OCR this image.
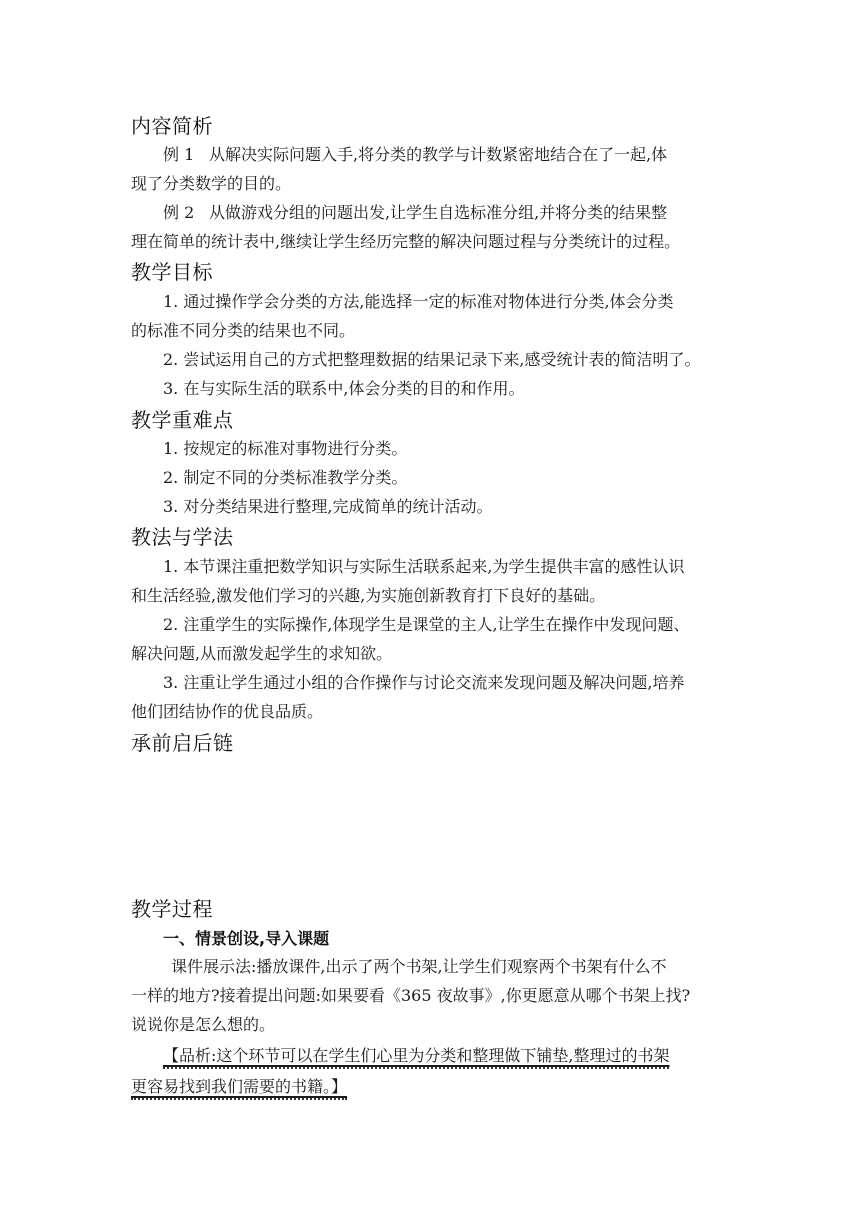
内容简析
例 1 从解决实际问题入手,将分类的教学与计数紧密地结合在了一起,体
现了分类数学的目的。
例 2 从做游戏分组的问题出发,让学生自选标准分组,并将分类的结果整
理在简单的统计表中,继续让学生经历完整的解决问题过程与分类统计的过程。
教学目标
1. 通过操作学会分类的方法,能选择一定的标准对物体进行分类,体会分类
的标准不同分类的结果也不同。
2. 尝试运用自己的方式把整理数据的结果记录下来,感受统计表的简洁明了。
3. 在与实际生活的联系中,体会分类的目的和作用。
教学重难点
1. 按规定的标准对事物进行分类。
2. 制定不同的分类标准教学分类。
3. 对分类结果进行整理,完成简单的统计活动。
教法与学法
1. 本节课注重把数学知识与实际生活联系起来,为学生提供丰富的感性认识
和生活经验,激发他们学习的兴趣,为实施创新教育打下良好的基础。
2. 注重学生的实际操作,体现学生是课堂的主人,让学生在操作中发现问题、
解决问题,从而激发起学生的求知欲。
3. 注重让学生通过小组的合作操作与讨论交流来发现问题及解决问题,培养
他们团结协作的优良品质。
承前启后链
教学过程
一、情景创设,导入课题
课件展示法:播放课件,出示了两个书架,让学生们观察两个书架有什么不
一样的地方?接着提出问题:如果要看《365 夜故事》,你更愿意从哪个书架上找?
说说你是怎么想的。
【品析:这个环节可以在学生们心里为分类和整理做下铺垫,整理过的书架
更容易找到我们需要的书籍。】
